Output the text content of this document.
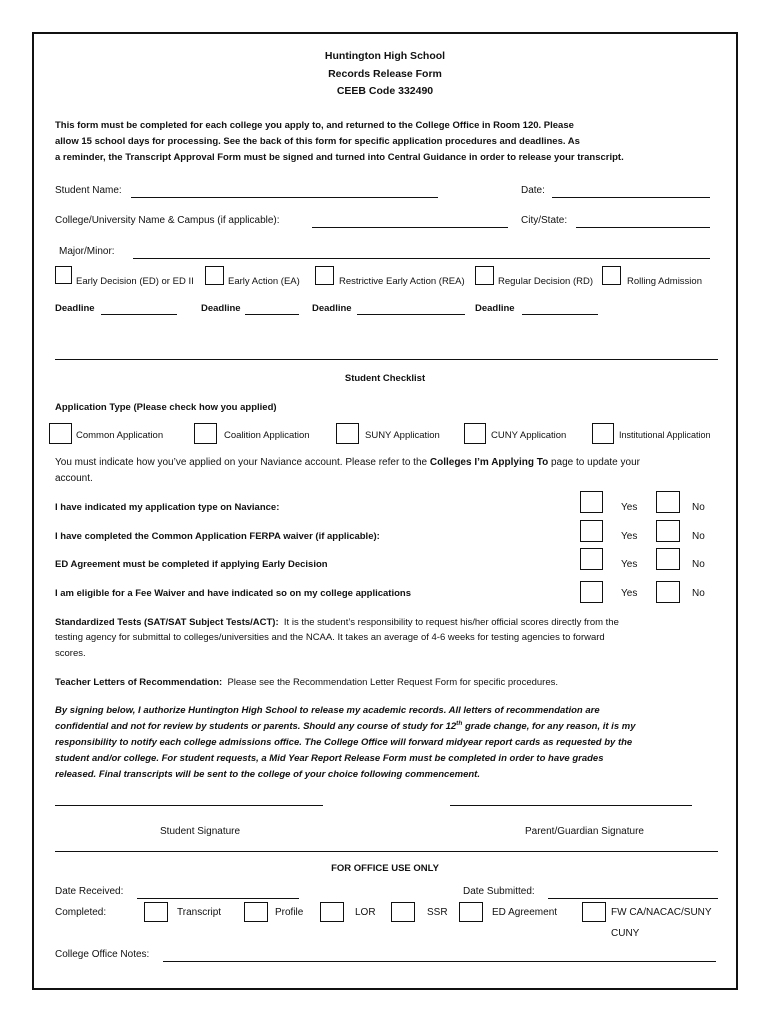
Huntington High School
Records Release Form
CEEB Code 332490
This form must be completed for each college you apply to, and returned to the College Office in Room 120. Please
allow 15 school days for processing. See the back of this form for specific application procedures and deadlines. As
a reminder, the Transcript Approval Form must be signed and turned into Central Guidance in order to release your transcript.
Student Name:	Date:
College/University Name & Campus (if applicable):	City/State:
Major/Minor:
Early Decision (ED) or ED II	Early Action (EA)	Restrictive Early Action (REA)	Regular Decision (RD)	Rolling Admission
Deadline	Deadline	Deadline	Deadline
Student Checklist
Application Type (Please check how you applied)
Common Application	Coalition Application	SUNY Application	CUNY Application	Institutional Application
You must indicate how you’ve applied on your Naviance account. Please refer to the Colleges I’m Applying To page to update your
account.
I have indicated my application type on Naviance:	Yes	No
I have completed the Common Application FERPA waiver (if applicable):	Yes	No
ED Agreement must be completed if applying Early Decision	Yes	No
I am eligible for a Fee Waiver and have indicated so on my college applications	Yes	No
Standardized Tests (SAT/SAT Subject Tests/ACT): It is the student’s responsibility to request his/her official scores directly from the
testing agency for submittal to colleges/universities and the NCAA. It takes an average of 4-6 weeks for testing agencies to forward
scores.
Teacher Letters of Recommendation: Please see the Recommendation Letter Request Form for specific procedures.
By signing below, I authorize Huntington High School to release my academic records. All letters of recommendation are
confidential and not for review by students or parents. Should any course of study for 12th grade change, for any reason, it is my
responsibility to notify each college admissions office. The College Office will forward midyear report cards as requested by the
student and/or college. For student requests, a Mid Year Report Release Form must be completed in order to have grades
released. Final transcripts will be sent to the college of your choice following commencement.
Student Signature	Parent/Guardian Signature
FOR OFFICE USE ONLY
Date Received:	Date Submitted:
Completed:	Transcript	Profile	LOR	SSR	ED Agreement	FW CA/NACAC/SUNY
CUNY
College Office Notes:
